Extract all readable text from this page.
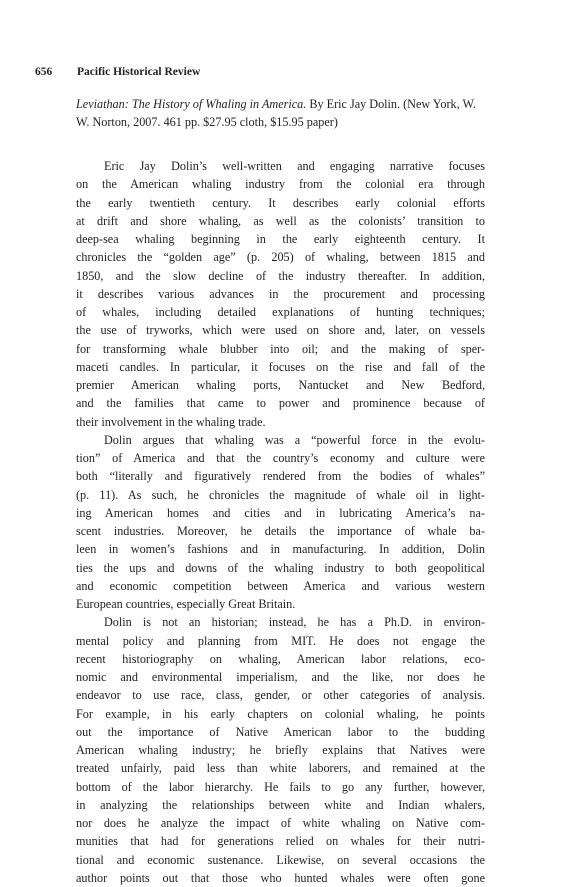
656 Pacific Historical Review
Leviathan: The History of Whaling in America. By Eric Jay Dolin. (New York, W. W. Norton, 2007. 461 pp. $27.95 cloth, $15.95 paper)
Eric Jay Dolin’s well-written and engaging narrative focuses
on the American whaling industry from the colonial era through
the early twentieth century. It describes early colonial efforts
at drift and shore whaling, as well as the colonists’ transition to
deep-sea whaling beginning in the early eighteenth century. It
chronicles the “golden age” (p. 205) of whaling, between 1815 and
1850, and the slow decline of the industry thereafter. In addition,
it describes various advances in the procurement and processing
of whales, including detailed explanations of hunting techniques;
the use of tryworks, which were used on shore and, later, on vessels
for transforming whale blubber into oil; and the making of sper-
maceti candles. In particular, it focuses on the rise and fall of the
premier American whaling ports, Nantucket and New Bedford,
and the families that came to power and prominence because of
their involvement in the whaling trade.
Dolin argues that whaling was a “powerful force in the evolu-
tion” of America and that the country’s economy and culture were
both “literally and figuratively rendered from the bodies of whales”
(p. 11). As such, he chronicles the magnitude of whale oil in light-
ing American homes and cities and in lubricating America’s na-
scent industries. Moreover, he details the importance of whale ba-
leen in women’s fashions and in manufacturing. In addition, Dolin
ties the ups and downs of the whaling industry to both geopolitical
and economic competition between America and various western
European countries, especially Great Britain.
Dolin is not an historian; instead, he has a Ph.D. in environ-
mental policy and planning from MIT. He does not engage the
recent historiography on whaling, American labor relations, eco-
nomic and environmental imperialism, and the like, nor does he
endeavor to use race, class, gender, or other categories of analysis.
For example, in his early chapters on colonial whaling, he points
out the importance of Native American labor to the budding
American whaling industry; he briefly explains that Natives were
treated unfairly, paid less than white laborers, and remained at the
bottom of the labor hierarchy. He fails to go any further, however,
in analyzing the relationships between white and Indian whalers,
nor does he analyze the impact of white whaling on Native com-
munities that had for generations relied on whales for their nutri-
tional and economic sustenance. Likewise, on several occasions the
author points out that those who hunted whales were often gone
